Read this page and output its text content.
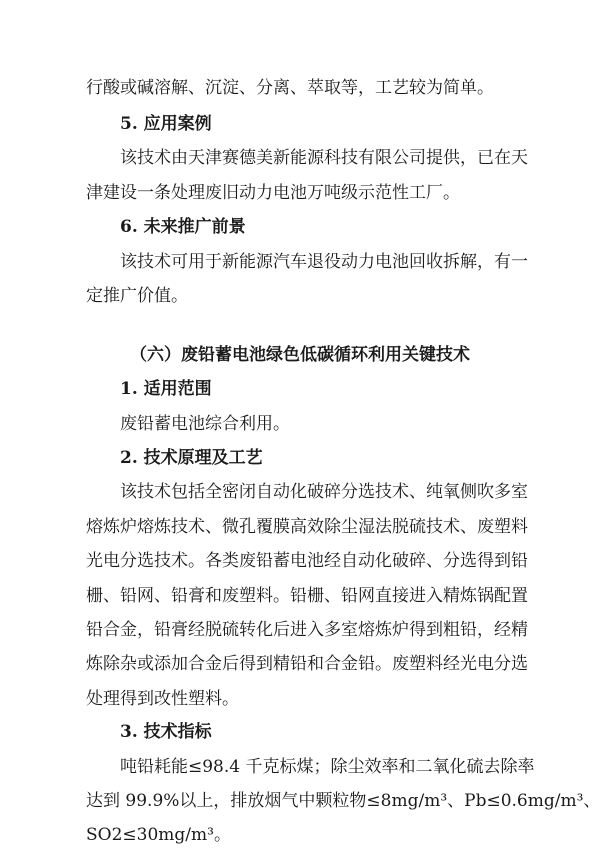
行酸或碱溶解、沉淀、分离、萃取等，工艺较为简单。
5. 应用案例
该技术由天津赛德美新能源科技有限公司提供，已在天
津建设一条处理废旧动力电池万吨级示范性工厂。
6. 未来推广前景
该技术可用于新能源汽车退役动力电池回收拆解，有一
定推广价值。
（六）废铅蓄电池绿色低碳循环利用关键技术
1. 适用范围
废铅蓄电池综合利用。
2. 技术原理及工艺
该技术包括全密闭自动化破碎分选技术、纯氧侧吹多室
熔炼炉熔炼技术、微孔覆膜高效除尘湿法脱硫技术、废塑料
光电分选技术。各类废铅蓄电池经自动化破碎、分选得到铅
栅、铅网、铅膏和废塑料。铅栅、铅网直接进入精炼锅配置
铅合金，铅膏经脱硫转化后进入多室熔炼炉得到粗铅，经精
炼除杂或添加合金后得到精铅和合金铅。废塑料经光电分选
处理得到改性塑料。
3. 技术指标
吨铅耗能≤98.4 千克标煤；除尘效率和二氧化硫去除率
达到 99.9%以上，排放烟气中颗粒物≤8mg/m³、Pb≤0.6mg/m³、
SO2≤30mg/m³。
